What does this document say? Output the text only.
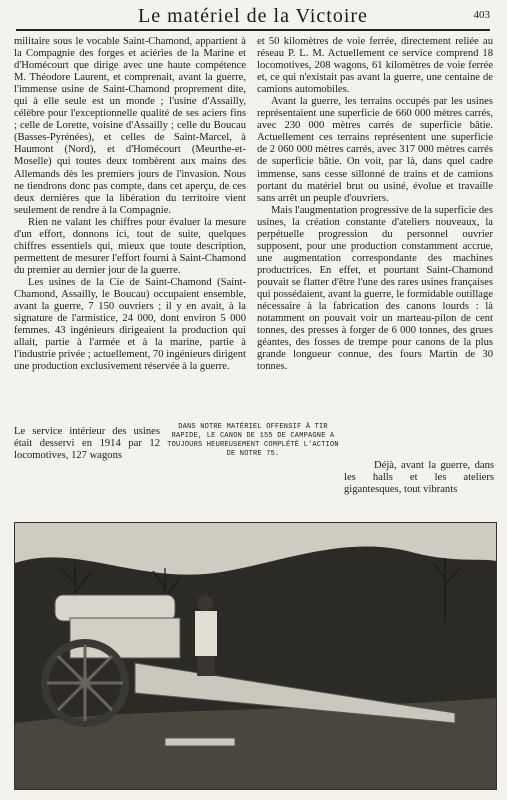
Le matériel de la Victoire	403

militaire sous le vocable Saint-Chamond, appartient à la Compagnie des forges et aciéries de la Marine et d'Homécourt que dirige avec une haute compétence M. Théodore Laurent, et comprenait, avant la guerre, l'immense usine de Saint-Chamond proprement dite, qui à elle seule est un monde ; l'usine d'Assailly, célèbre pour l'exceptionnelle qualité de ses aciers fins ; celle de Lorette, voisine d'Assailly ; celle du Boucau (Basses-Pyrénées), et celles de Saint-Marcel, à Haumont (Nord), et d'Homécourt (Meurthe-et-Moselle) qui toutes deux tombèrent aux mains des Allemands dès les premiers jours de l'invasion. Nous ne tiendrons donc pas compte, dans cet aperçu, de ces deux dernières que la libération du territoire vient seulement de rendre à la Compagnie.

Rien ne valant les chiffres pour évaluer la mesure d'un effort, donnons ici, tout de suite, quelques chiffres essentiels qui, mieux que toute description, permettent de mesurer l'effort fourni à Saint-Chamond du premier au dernier jour de la guerre.

Les usines de la Cie de Saint-Chamond (Saint-Chamond, Assailly, le Boucau) occupaient ensemble, avant la guerre, 7 150 ouvriers ; il y en avait, à la signature de l'armistice, 24 000, dont environ 5 000 femmes. 43 ingénieurs dirigeaient la production qui allait, partie à l'armée et à la marine, partie à l'industrie privée ; actuellement, 70 ingénieurs dirigent une production exclusivement réservée à la guerre.

Le service intérieur des usines était desservi en 1914 par 12 locomotives, 127 wagons

et 50 kilomètres de voie ferrée, directement reliée au réseau P. L. M. Actuellement ce service comprend 18 locomotives, 208 wagons, 61 kilomètres de voie ferrée et, ce qui n'existait pas avant la guerre, une centaine de camions automobiles.

Avant la guerre, les terrains occupés par les usines représentaient une superficie de 660 000 mètres carrés, avec 230 000 mètres carrés de superficie bâtie. Actuellement ces terrains représentent une superficie de 2 060 000 mètres carrés, avec 317 000 mètres carrés de superficie bâtie. On voit, par là, dans quel cadre immense, sans cesse sillonné de trains et de camions portant du matériel brut ou usiné, évolue et travaille sans arrêt un peuple d'ouvriers.

Mais l'augmentation progressive de la superficie des usines, la création constante d'ateliers nouveaux, la perpétuelle progression du personnel ouvrier supposent, pour une production constamment accrue, une augmentation correspondante des machines productrices. En effet, et pourtant Saint-Chamond pouvait se flatter d'être l'une des rares usines françaises qui possédaient, avant la guerre, le formidable outillage nécessaire à la fabrication des canons lourds : là notamment on pouvait voir un marteau-pilon de cent tonnes, des presses à forger de 6 000 tonnes, des grues géantes, des fosses de trempe pour canons de la plus grande longueur connue, des fours Martin de 30 tonnes.

DANS NOTRE MATÉRIEL OFFENSIF À TIR RAPIDE, LE CANON DE 155 DE CAMPAGNE A TOUJOURS HEUREUSEMENT COMPLÉTÉ L'ACTION DE NOTRE 75.

Déjà, avant la guerre, dans les halls et les ateliers gigantesques, tout vibrants
